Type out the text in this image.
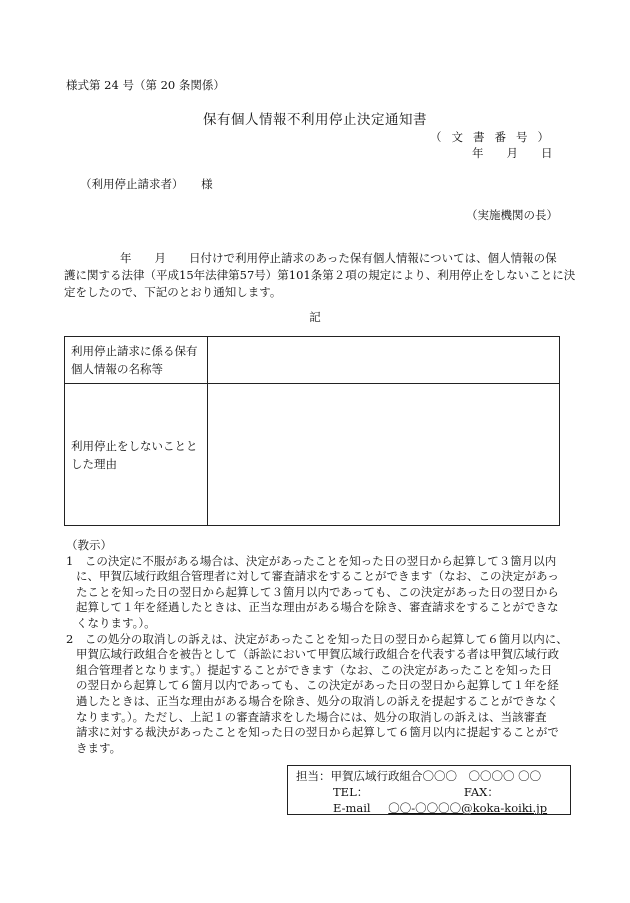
様式第 24 号（第 20 条関係）
保有個人情報不利用停止決定通知書
（文書番号）
年　　月　　日
（利用停止請求者） 様
（実施機関の長）
年　　月　　日付けで利用停止請求のあった保有個人情報については、個人情報の保
護に関する法律（平成15年法律第57号）第101条第２項の規定により、利用停止をしないことに決
定をしたので、下記のとおり通知します。
記
利用停止請求に係る保有
個人情報の名称等	
利用停止をしないことと
した理由	
（教示）
1　この決定に不服がある場合は、決定があったことを知った日の翌日から起算して３箇月以内
に、甲賀広域行政組合管理者に対して審査請求をすることができます（なお、この決定があっ
たことを知った日の翌日から起算して３箇月以内であっても、この決定があった日の翌日から
起算して１年を経過したときは、正当な理由がある場合を除き、審査請求をすることができな
くなります。）。
2　この処分の取消しの訴えは、決定があったことを知った日の翌日から起算して６箇月以内に、
甲賀広域行政組合を被告として（訴訟において甲賀広域行政組合を代表する者は甲賀広域行政
組合管理者となります。）提起することができます（なお、この決定があったことを知った日
の翌日から起算して６箇月以内であっても、この決定があった日の翌日から起算して１年を経
過したときは、正当な理由がある場合を除き、処分の取消しの訴えを提起することができなく
なります。）。ただし、上記１の審査請求をした場合には、処分の取消しの訴えは、当該審査
請求に対する裁決があったことを知った日の翌日から起算して６箇月以内に提起することがで
きます。
担当：甲賀広域行政組合〇〇〇　〇〇〇〇 〇〇
TEL：	FAX：
E-mail 〇〇-〇〇〇〇@koka-koiki.jp
